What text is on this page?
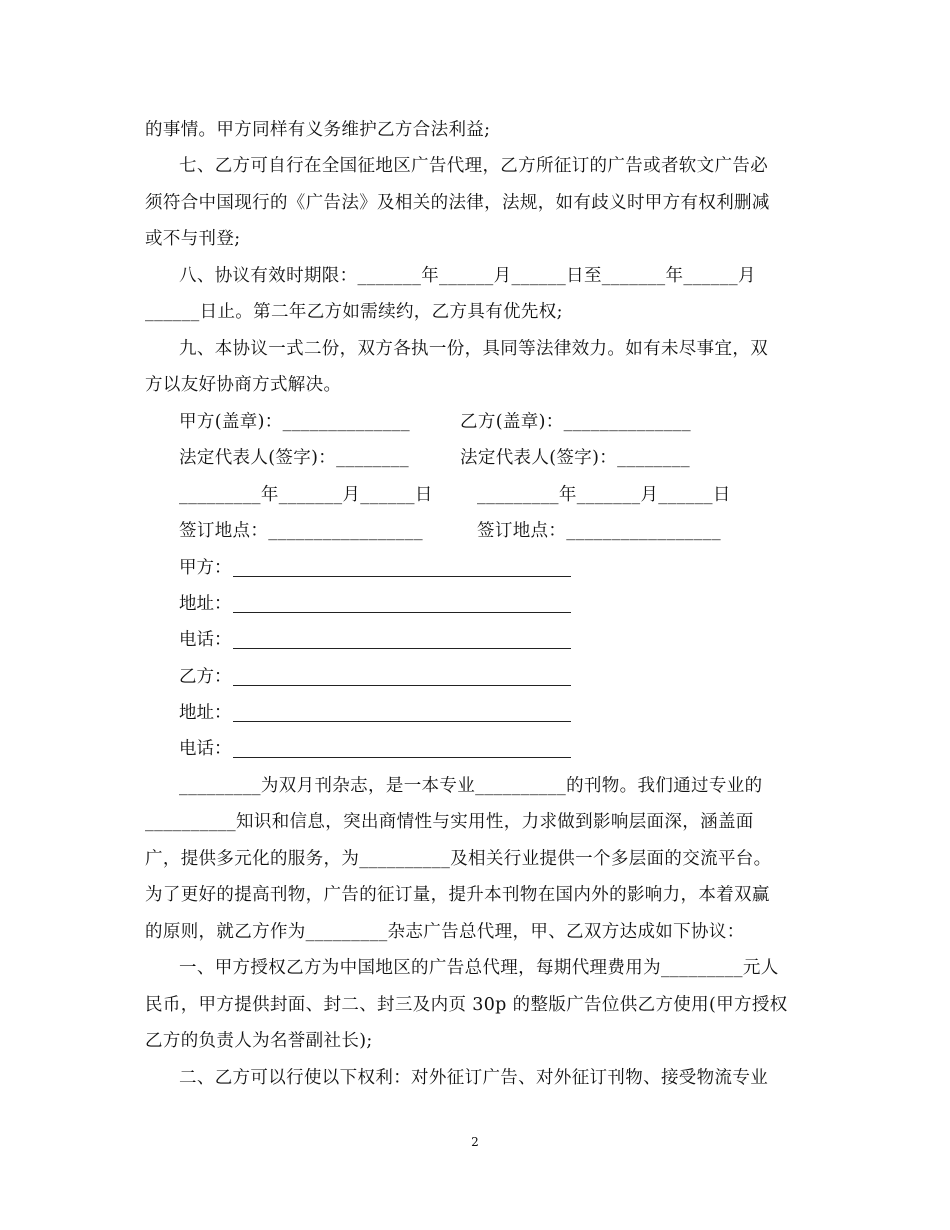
的事情。甲方同样有义务维护乙方合法利益;
七、乙方可自行在全国征地区广告代理，乙方所征订的广告或者软文广告必
须符合中国现行的《广告法》及相关的法律，法规，如有歧义时甲方有权利删减
或不与刊登;
八、协议有效时期限：_______年______月______日至_______年______月
______日止。第二年乙方如需续约，乙方具有优先权;
九、本协议一式二份，双方各执一份，具同等法律效力。如有未尽事宜，双
方以友好协商方式解决。
甲方(盖章)：______________	乙方(盖章)：______________
法定代表人(签字)：________	法定代表人(签字)：________
_________年_______月______日	_________年_______月______日
签订地点：_________________	签订地点：_________________
甲方：
地址：
电话：
乙方：
地址：
电话：
_________为双月刊杂志，是一本专业__________的刊物。我们通过专业的
__________知识和信息，突出商情性与实用性，力求做到影响层面深，涵盖面
广，提供多元化的服务，为__________及相关行业提供一个多层面的交流平台。
为了更好的提高刊物，广告的征订量，提升本刊物在国内外的影响力，本着双赢
的原则，就乙方作为_________杂志广告总代理，甲、乙双方达成如下协议：
一、甲方授权乙方为中国地区的广告总代理，每期代理费用为_________元人
民币，甲方提供封面、封二、封三及内页 30p 的整版广告位供乙方使用(甲方授权
乙方的负责人为名誉副社长);
二、乙方可以行使以下权利：对外征订广告、对外征订刊物、接受物流专业
2
